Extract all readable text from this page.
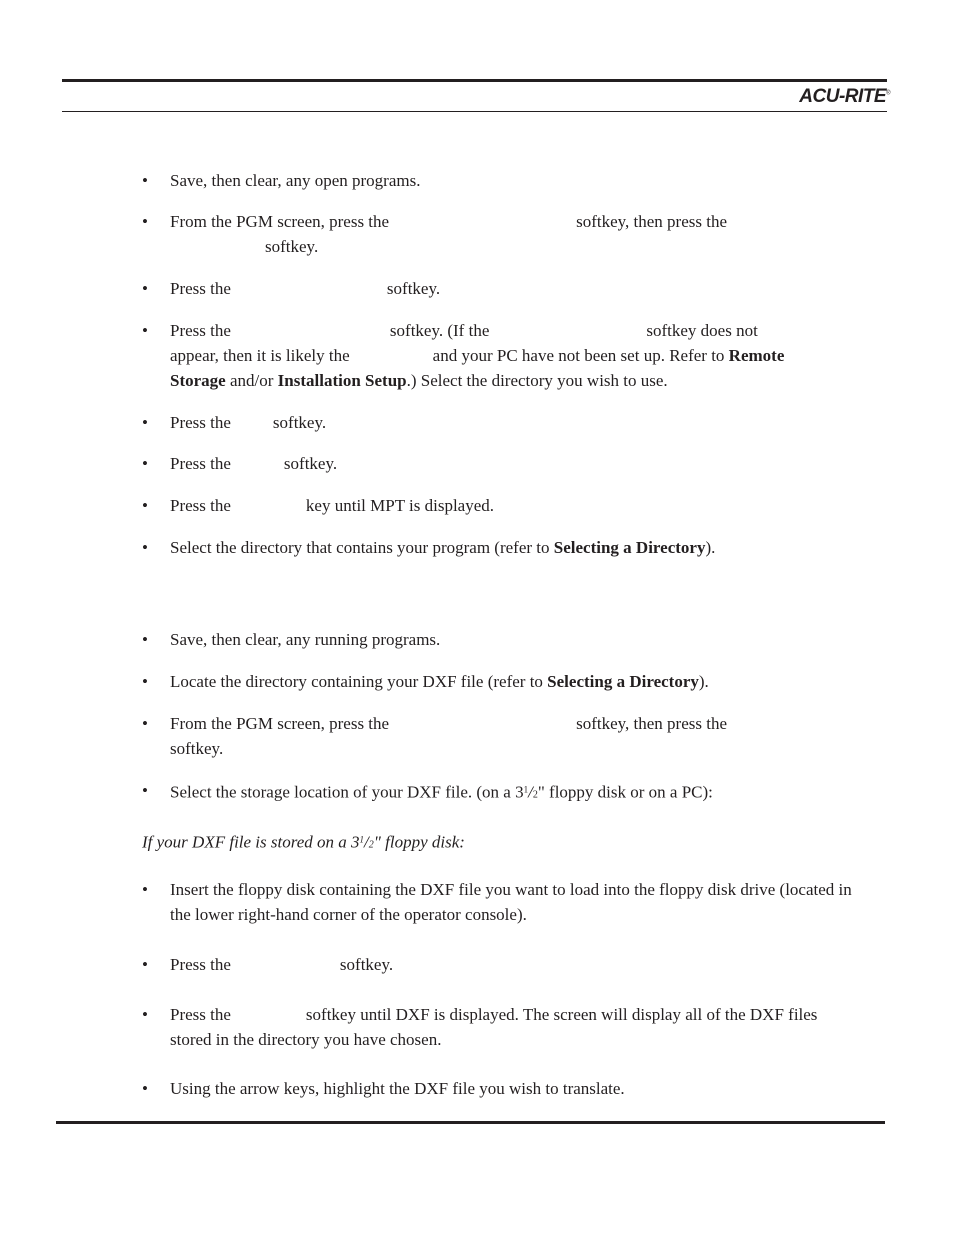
ACU-RITE®
• Save, then clear, any open programs.
• From the PGM screen, press the	softkey, then press the
softkey.
• Press the	softkey.
• Press the	softkey. (If the	softkey does not
appear, then it is likely the	and your PC have not been set up. Refer to Remote
Storage and/or Installation Setup.) Select the directory you wish to use.
• Press the softkey.
• Press the	softkey.
• Press the	key until MPT is displayed.
• Select the directory that contains your program (refer to Selecting a Directory).
• Save, then clear, any running programs.
• Locate the directory containing your DXF file (refer to Selecting a Directory).
• From the PGM screen, press the	softkey, then press the
softkey.
• Select the storage location of your DXF file. (on a $3^1/2$" floppy disk or on a PC):
If your DXF file is stored on a $3^1/2$" floppy disk:
• Insert the floppy disk containing the DXF file you want to load into the floppy disk drive (located in the lower right-hand corner of the operator console).
• Press the	softkey.
• Press the	softkey until DXF is displayed. The screen will display all of the DXF files stored in the directory you have chosen.
• Using the arrow keys, highlight the DXF file you wish to translate.
